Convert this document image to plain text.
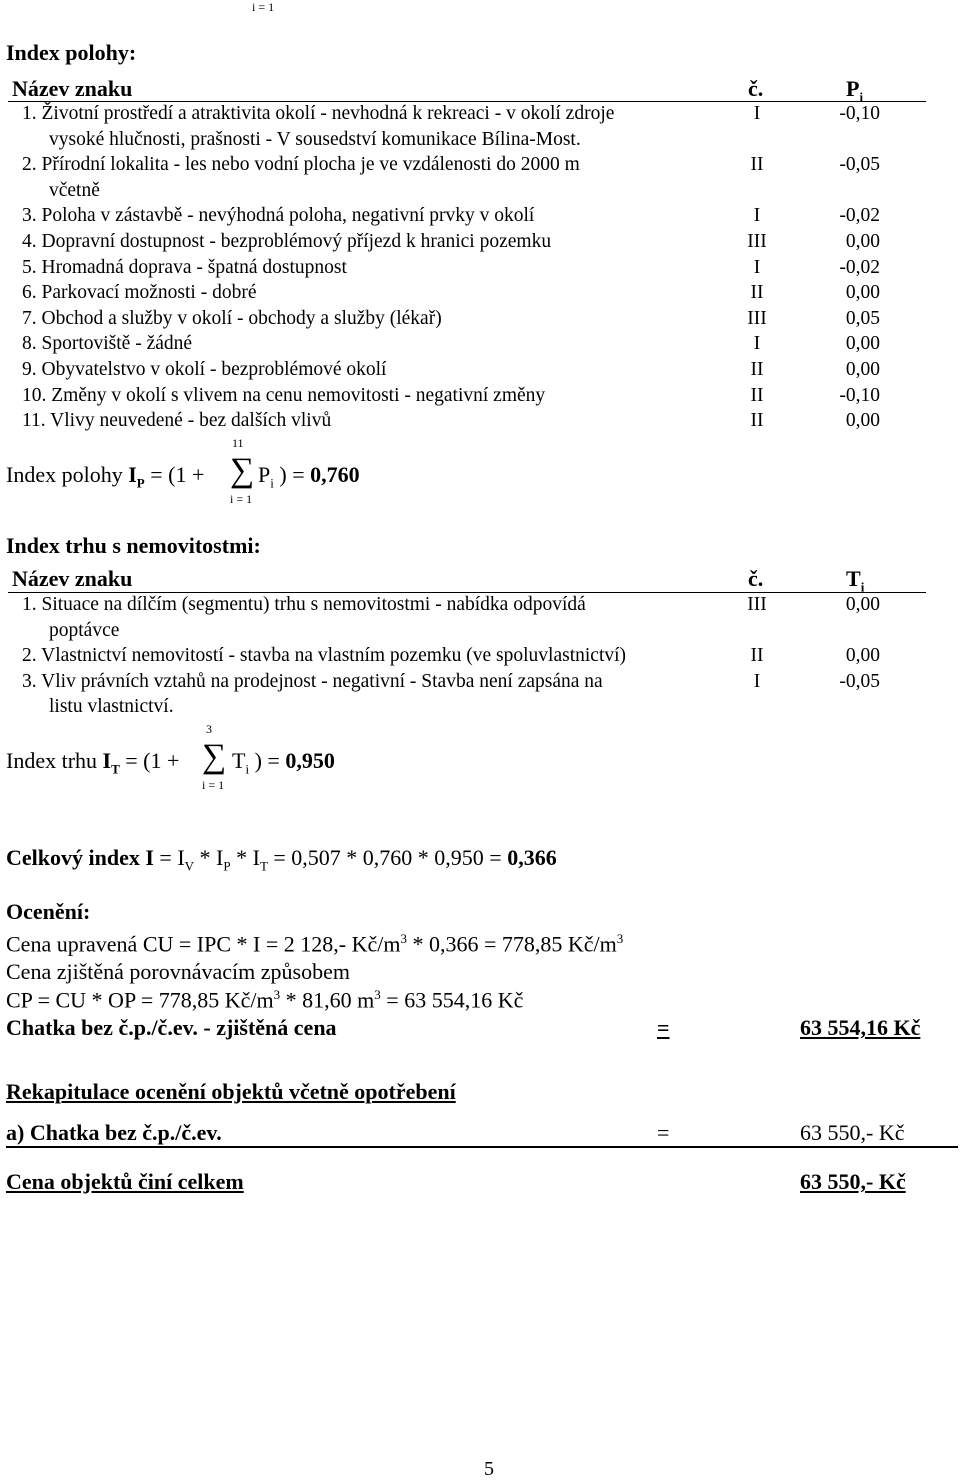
i = 1
Index polohy:
Název znaku	č.	$P_i$
1. Životní prostředí a atraktivita okolí - nevhodná k rekreaci - v okolí zdroje	I	-0,10
vysoké hlučnosti, prašnosti - V sousedství komunikace Bílina-Most.
2. Přírodní lokalita - les nebo vodní plocha je ve vzdálenosti do 2000 m	II	-0,05
včetně
3. Poloha v zástavbě - nevýhodná poloha, negativní prvky v okolí	I	-0,02
4. Dopravní dostupnost - bezproblémový příjezd k hranici pozemku	III	0,00
5. Hromadná doprava - špatná dostupnost	I	-0,02
6. Parkovací možnosti - dobré	II	0,00
7. Obchod a služby v okolí - obchody a služby (lékař)	III	0,05
8. Sportoviště - žádné	I	0,00
9. Obyvatelstvo v okolí - bezproblémové okolí	II	0,00
10. Změny v okolí s vlivem na cenu nemovitosti - negativní změny	II	-0,10
11. Vlivy neuvedené - bez dalších vlivů	II	0,00
11
∑
i = 1
Index polohy $I_P = (1 + P_i$ ) = 0,760
Index trhu s nemovitostmi:
Název znaku	č.	$T_i$
1. Situace na dílčím (segmentu) trhu s nemovitostmi - nabídka odpovídá	III	0,00
poptávce
2. Vlastnictví nemovitostí - stavba na vlastním pozemku (ve spoluvlastnictví)	II	0,00
3. Vliv právních vztahů na prodejnost - negativní - Stavba není zapsána na	I	-0,05
listu vlastnictví.
3
∑
i = 1
Index trhu $I_T = (1 + T_i$ ) = 0,950
Celkový index $I = I_V * I_P * I_T = 0,507 * 0,760 * 0,950 = 0,366$
Ocenění:
Cena upravená CU = IPC * I = 2 128,- $Kč/m^3 * 0,366 = 778,85$ $Kč/m^3$
Cena zjištěná porovnávacím způsobem
CP = CU * OP = 778,85 $Kč/m^3 * 81,60$ $m^3 = 63$ 554,16 Kč
Chatka bez č.p./č.ev. - zjištěná cena	=	63 554,16 Kč
Rekapitulace ocenění objektů včetně opotřebení
a) Chatka bez č.p./č.ev.	=	63 550,- Kč
Cena objektů činí celkem	63 550,- Kč
5
